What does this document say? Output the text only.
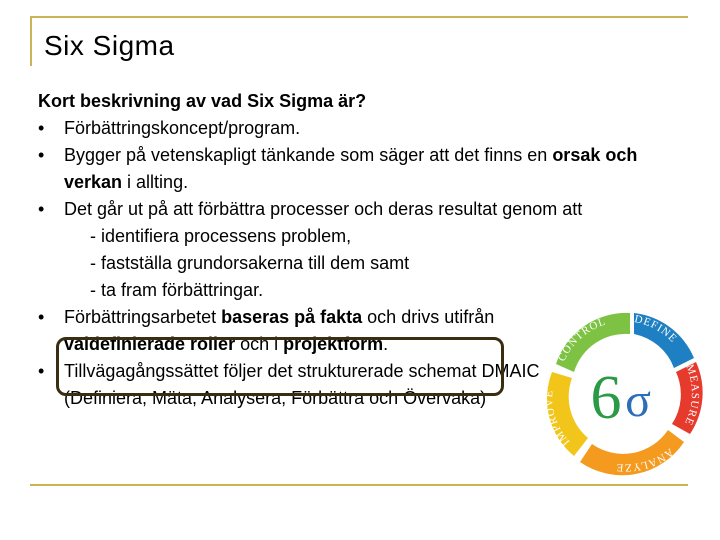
Six Sigma
Kort beskrivning av vad Six Sigma är?
• Förbättringskoncept/program.
• Bygger på vetenskapligt tänkande som säger att det finns en orsak och verkan i allting.
• Det går ut på att förbättra processer och deras resultat genom att
- identifiera processens problem,
- fastställa grundorsakerna till dem samt
- ta fram förbättringar.
• Förbättringsarbetet baseras på fakta och drivs utifrån väldefinierade roller och i projektform.
• Tillvägagångssättet följer det strukturerade schemat DMAIC (Definiera, Mäta, Analysera, Förbättra och Övervaka)
CONTROL DEFINE
MEASURE
ANALYZE
IMPROVE 6 σ
